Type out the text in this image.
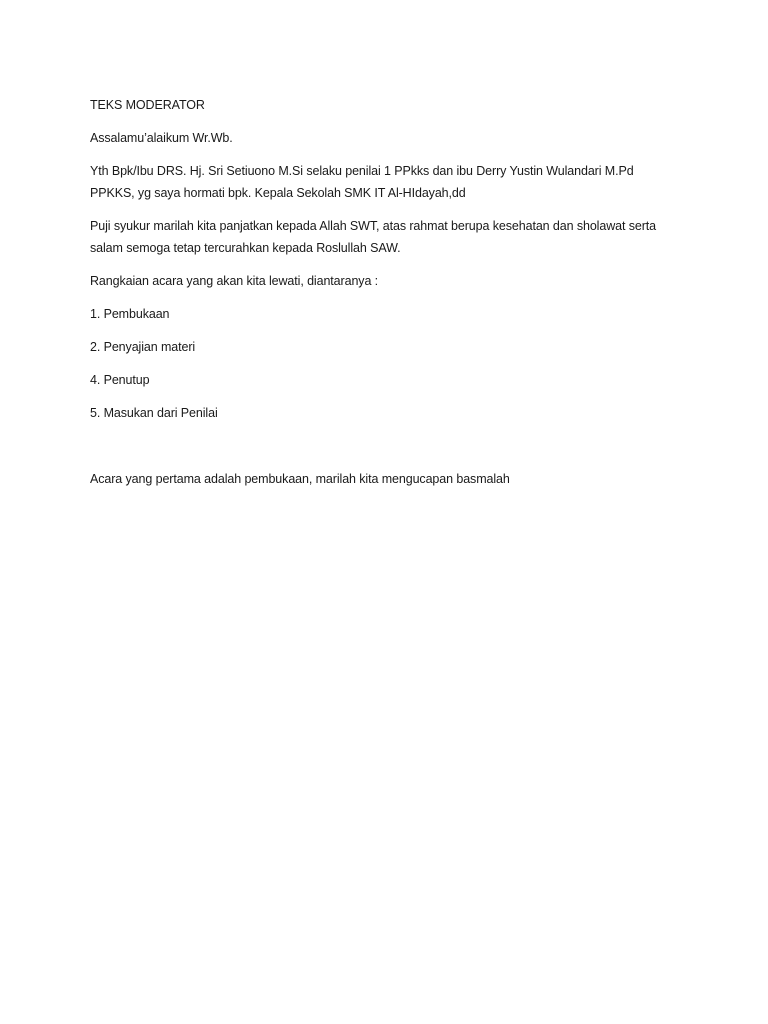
TEKS MODERATOR

Assalamu’alaikum Wr.Wb.

Yth Bpk/Ibu DRS. Hj. Sri Setiuono M.Si selaku penilai 1 PPkks dan ibu Derry Yustin Wulandari M.Pd

PPKKS, yg saya hormati bpk. Kepala Sekolah SMK IT Al-HIdayah,dd

Puji syukur marilah kita panjatkan kepada Allah SWT, atas rahmat berupa kesehatan dan sholawat serta

salam semoga tetap tercurahkan kepada Roslullah SAW.

Rangkaian acara yang akan kita lewati, diantaranya :

1. Pembukaan

2. Penyajian materi

4. Penutup

5. Masukan dari Penilai

Acara yang pertama adalah pembukaan, marilah kita mengucapan basmalah
